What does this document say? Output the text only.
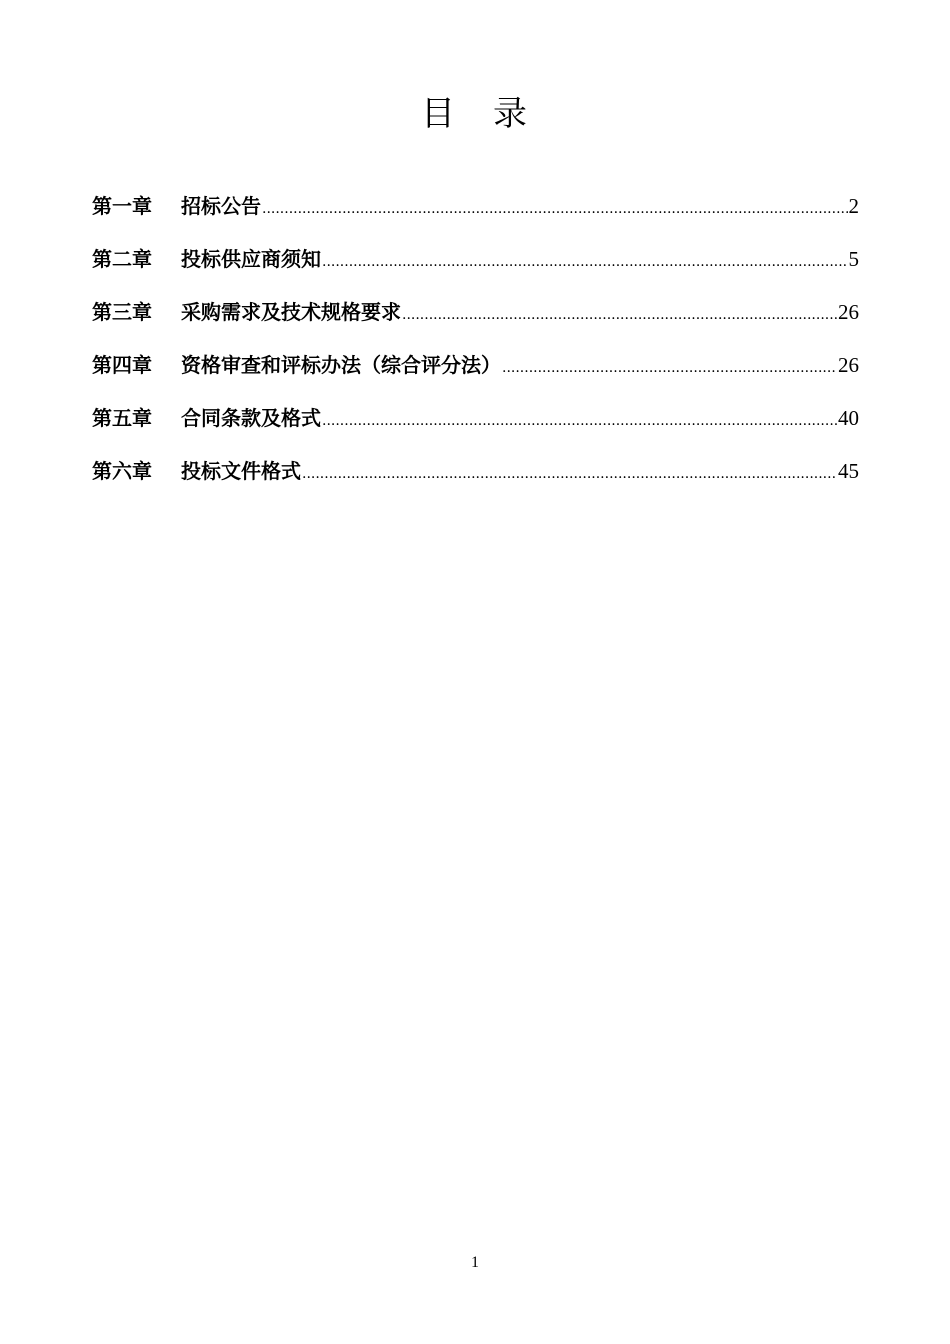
目　录
第一章	招标公告 .....	2
第二章	投标供应商须知 .....	5
第三章	采购需求及技术规格要求 .....	26
第四章	资格审查和评标办法（综合评分法） .....	26
第五章	合同条款及格式 .....	40
第六章	投标文件格式 .....	45
1
